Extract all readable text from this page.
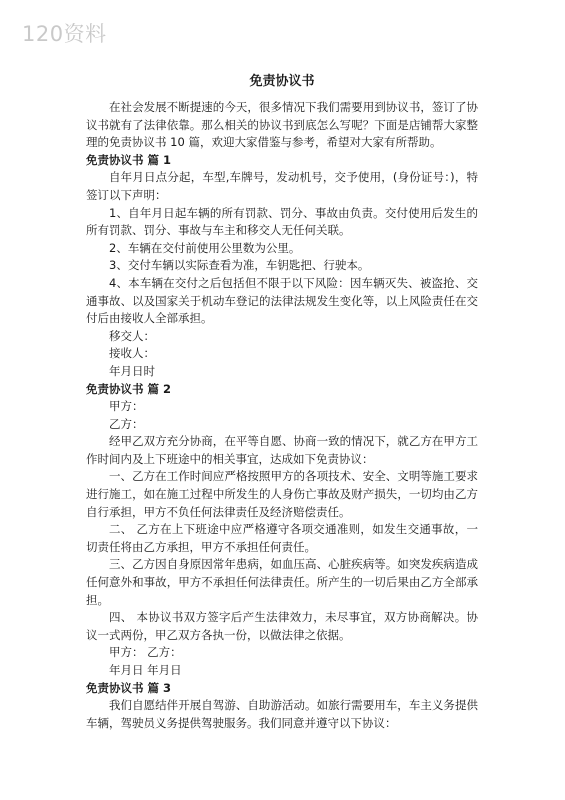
120资料
免责协议书

在社会发展不断提速的今天，很多情况下我们需要用到协议书，签订了协议书就有了法律依靠。那么相关的协议书到底怎么写呢？下面是店铺帮大家整理的免责协议书 10 篇，欢迎大家借鉴与参考，希望对大家有所帮助。

免责协议书 篇 1

自年月日点分起，车型,车牌号，发动机号，交予使用，(身份证号：)，特签订以下声明：

1、自年月日起车辆的所有罚款、罚分、事故由负责。交付使用后发生的所有罚款、罚分、事故与车主和移交人无任何关联。

2、车辆在交付前使用公里数为公里。

3、交付车辆以实际查看为准，车钥匙把、行驶本。

4、本车辆在交付之后包括但不限于以下风险：因车辆灭失、被盗抢、交通事故、以及国家关于机动车登记的法律法规发生变化等，以上风险责任在交付后由接收人全部承担。

移交人：

接收人：

年月日时

免责协议书 篇 2

甲方：

乙方：

经甲乙双方充分协商，在平等自愿、协商一致的情况下，就乙方在甲方工作时间内及上下班途中的相关事宜，达成如下免责协议：

一、乙方在工作时间应严格按照甲方的各项技术、安全、文明等施工要求进行施工，如在施工过程中所发生的人身伤亡事故及财产损失，一切均由乙方自行承担，甲方不负任何法律责任及经济赔偿责任。

二、 乙方在上下班途中应严格遵守各项交通准则，如发生交通事故，一切责任将由乙方承担，甲方不承担任何责任。

三、乙方因自身原因常年患病，如血压高、心脏疾病等。如突发疾病造成任何意外和事故，甲方不承担任何法律责任。所产生的一切后果由乙方全部承担。

四、 本协议书双方签字后产生法律效力，未尽事宜，双方协商解决。协议一式两份，甲乙双方各执一份，以做法律之依据。

甲方： 乙方：

年月日 年月日

免责协议书 篇 3

我们自愿结伴开展自驾游、自助游活动。如旅行需要用车，车主义务提供车辆，驾驶员义务提供驾驶服务。我们同意并遵守以下协议：
